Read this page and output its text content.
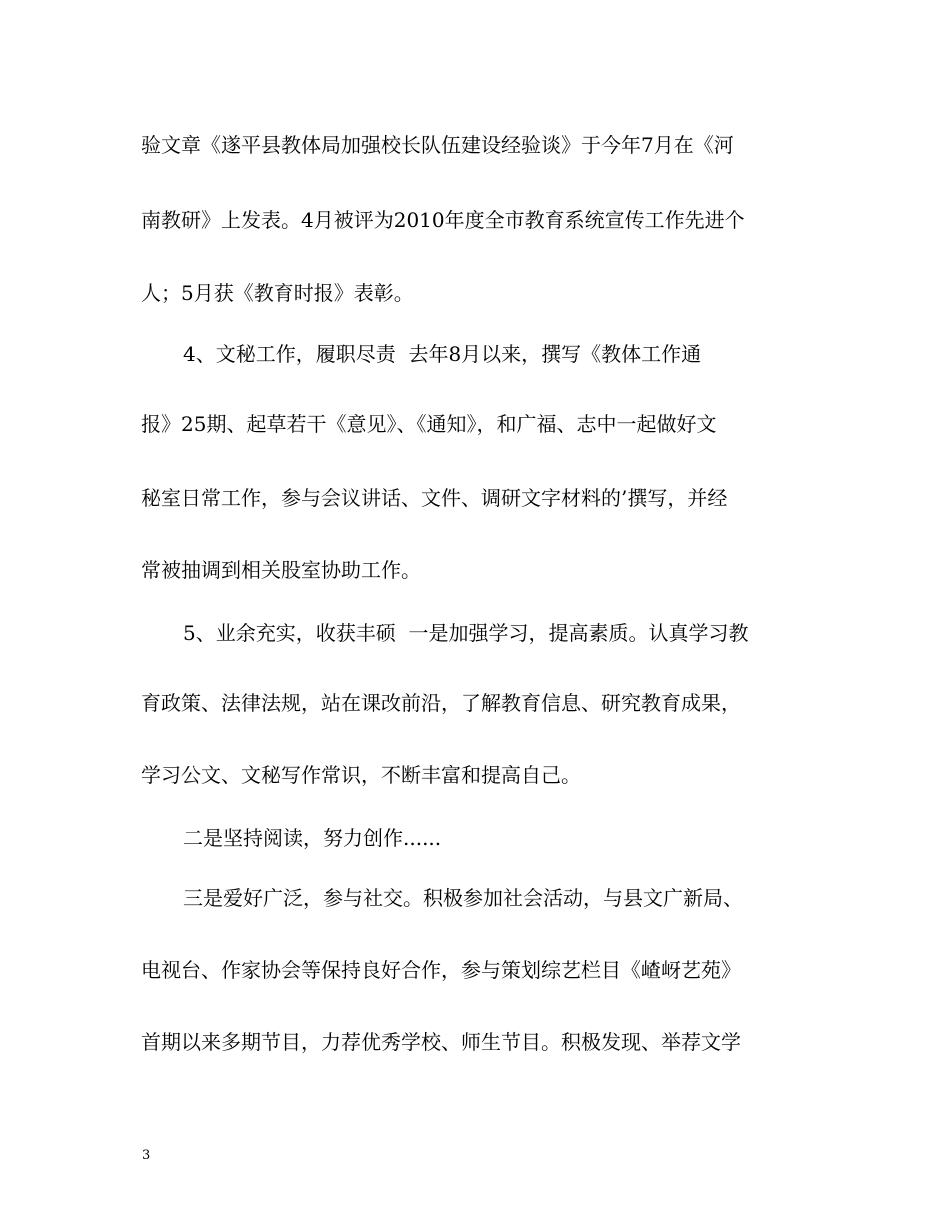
验文章《遂平县教体局加强校长队伍建设经验谈》于今年7月在《河
南教研》上发表。4月被评为2010年度全市教育系统宣传工作先进个
人；5月获《教育时报》表彰。
4、文秘工作，履职尽责  去年8月以来，撰写《教体工作通
报》25期、起草若干《意见》、《通知》，和广福、志中一起做好文
秘室日常工作，参与会议讲话、文件、调研文字材料的’撰写，并经
常被抽调到相关股室协助工作。
5、业余充实，收获丰硕  一是加强学习，提高素质。认真学习教
育政策、法律法规，站在课改前沿，了解教育信息、研究教育成果，
学习公文、文秘写作常识，不断丰富和提高自己。
二是坚持阅读，努力创作......
三是爱好广泛，参与社交。积极参加社会活动，与县文广新局、
电视台、作家协会等保持良好合作，参与策划综艺栏目《嵖岈艺苑》
首期以来多期节目，力荐优秀学校、师生节目。积极发现、举荐文学
3
